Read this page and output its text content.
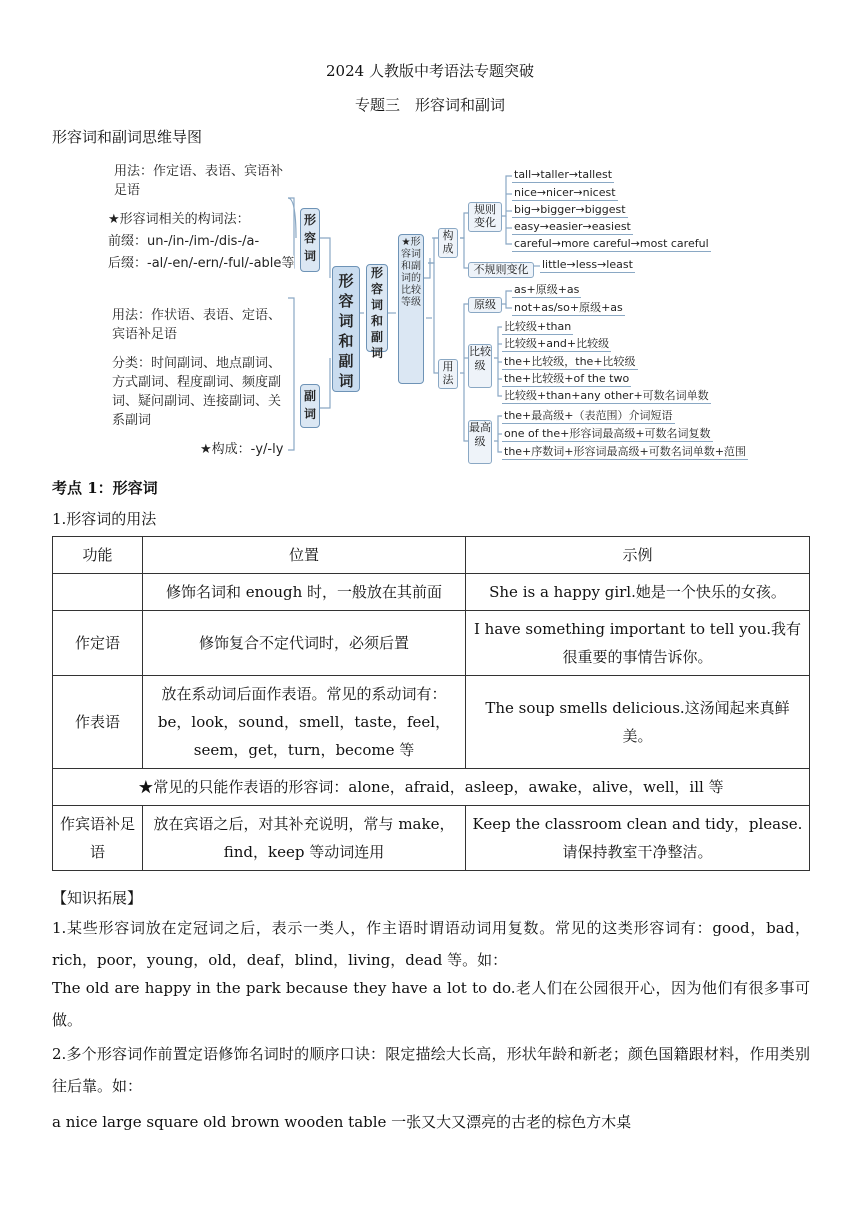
2024 人教版中考语法专题突破
专题三　形容词和副词
形容词和副词思维导图
用法：作定语、表语、宾语补足语
★形容词相关的构词法：
前缀：un-/in-/im-/dis-/a-
后缀：-al/-en/-ern/-ful/-able等
形容词
用法：作状语、表语、定语、宾语补足语
分类：时间副词、地点副词、方式副词、程度副词、频度副词、疑问副词、连接副词、关系副词
★构成：-y/-ly
副词
形容词和副词
形容词和副词
★形容词和副词的比较等级
构成
规则变化
tall→taller→tallest
nice→nicer→nicest
big→bigger→biggest
easy→easier→easiest
careful→more careful→most careful
不规则变化	little→less→least
用法
原级
as+原级+as
not+as/so+原级+as
比较级
比较级+than
比较级+and+比较级
the+比较级，the+比较级
the+比较级+of the two
比较级+than+any other+可数名词单数
最高级
the+最高级+（表范围）介词短语
one of the+形容词最高级+可数名词复数
the+序数词+形容词最高级+可数名词单数+范围
考点 1：形容词
1.形容词的用法
功能	位置	示例
	修饰名词和 enough 时，一般放在其前面	She is a happy girl.她是一个快乐的女孩。
作定语	修饰复合不定代词时，必须后置	I have something important to tell you.我有很重要的事情告诉你。
作表语	放在系动词后面作表语。常见的系动词有：be，look，sound，smell，taste，feel，seem，get，turn，become 等	The soup smells delicious.这汤闻起来真鲜美。
★常见的只能作表语的形容词：alone，afraid，asleep，awake，alive，well，ill 等		
作宾语补足语	放在宾语之后，对其补充说明，常与 make，find，keep 等动词连用	Keep the classroom clean and tidy，please.请保持教室干净整洁。
【知识拓展】
1.某些形容词放在定冠词之后，表示一类人，作主语时谓语动词用复数。常见的这类形容词有：good，bad，rich，poor，young，old，deaf，blind，living，dead 等。如：
The old are happy in the park because they have a lot to do.老人们在公园很开心，因为他们有很多事可做。
2.多个形容词作前置定语修饰名词时的顺序口诀：限定描绘大长高，形状年龄和新老；颜色国籍跟材料，作用类别往后靠。如：
a nice large square old brown wooden table 一张又大又漂亮的古老的棕色方木桌
